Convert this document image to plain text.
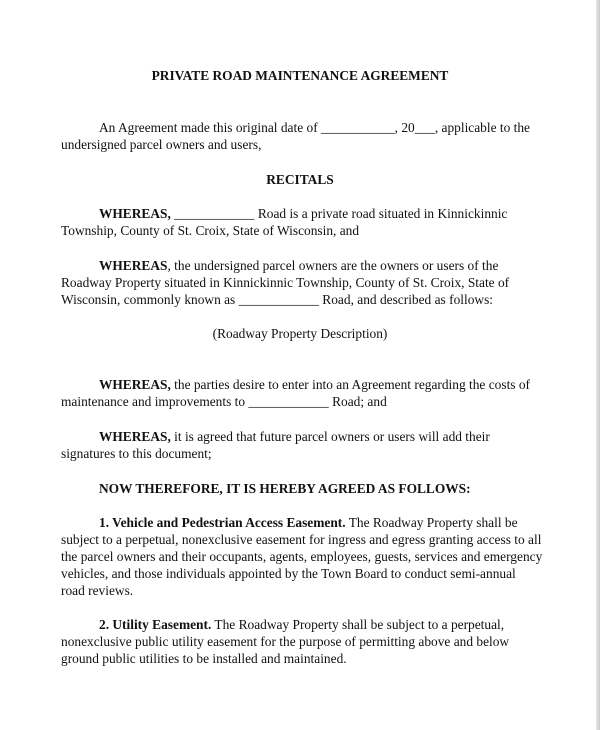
PRIVATE ROAD MAINTENANCE AGREEMENT
An Agreement made this original date of ___________, 20___, applicable to the
undersigned parcel owners and users,
RECITALS
WHEREAS, ____________ Road is a private road situated in Kinnickinnic
Township, County of St. Croix, State of Wisconsin, and
WHEREAS, the undersigned parcel owners are the owners or users of the
Roadway Property situated in Kinnickinnic Township, County of St. Croix, State of
Wisconsin, commonly known as ____________ Road, and described as follows:
(Roadway Property Description)
WHEREAS, the parties desire to enter into an Agreement regarding the costs of
maintenance and improvements to ____________ Road; and
WHEREAS, it is agreed that future parcel owners or users will add their
signatures to this document;
NOW THEREFORE, IT IS HEREBY AGREED AS FOLLOWS:
1. Vehicle and Pedestrian Access Easement. The Roadway Property shall be
subject to a perpetual, nonexclusive easement for ingress and egress granting access to all
the parcel owners and their occupants, agents, employees, guests, services and emergency
vehicles, and those individuals appointed by the Town Board to conduct semi-annual
road reviews.
2. Utility Easement. The Roadway Property shall be subject to a perpetual,
nonexclusive public utility easement for the purpose of permitting above and below
ground public utilities to be installed and maintained.
